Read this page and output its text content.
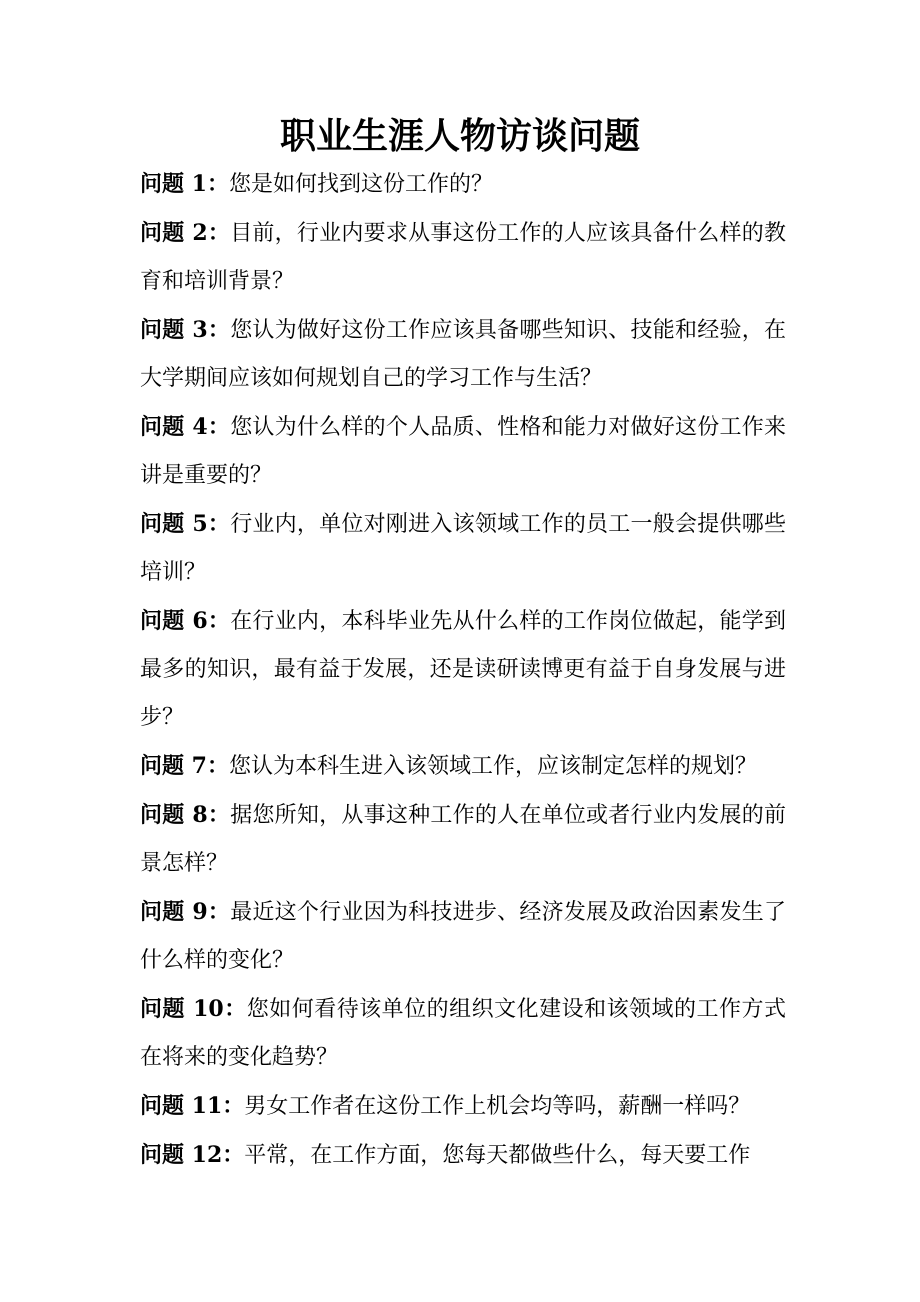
职业生涯人物访谈问题
问题 1：您是如何找到这份工作的？
问题 2：目前，行业内要求从事这份工作的人应该具备什么样的教育和培训背景？
问题 3：您认为做好这份工作应该具备哪些知识、技能和经验，在大学期间应该如何规划自己的学习工作与生活？
问题 4：您认为什么样的个人品质、性格和能力对做好这份工作来讲是重要的？
问题 5：行业内，单位对刚进入该领域工作的员工一般会提供哪些培训？
问题 6：在行业内，本科毕业先从什么样的工作岗位做起，能学到最多的知识，最有益于发展，还是读研读博更有益于自身发展与进步？
问题 7：您认为本科生进入该领域工作，应该制定怎样的规划？
问题 8：据您所知，从事这种工作的人在单位或者行业内发展的前景怎样？
问题 9：最近这个行业因为科技进步、经济发展及政治因素发生了什么样的变化？
问题 10：您如何看待该单位的组织文化建设和该领域的工作方式在将来的变化趋势？
问题 11：男女工作者在这份工作上机会均等吗，薪酬一样吗？
问题 12：平常，在工作方面，您每天都做些什么，每天要工作
